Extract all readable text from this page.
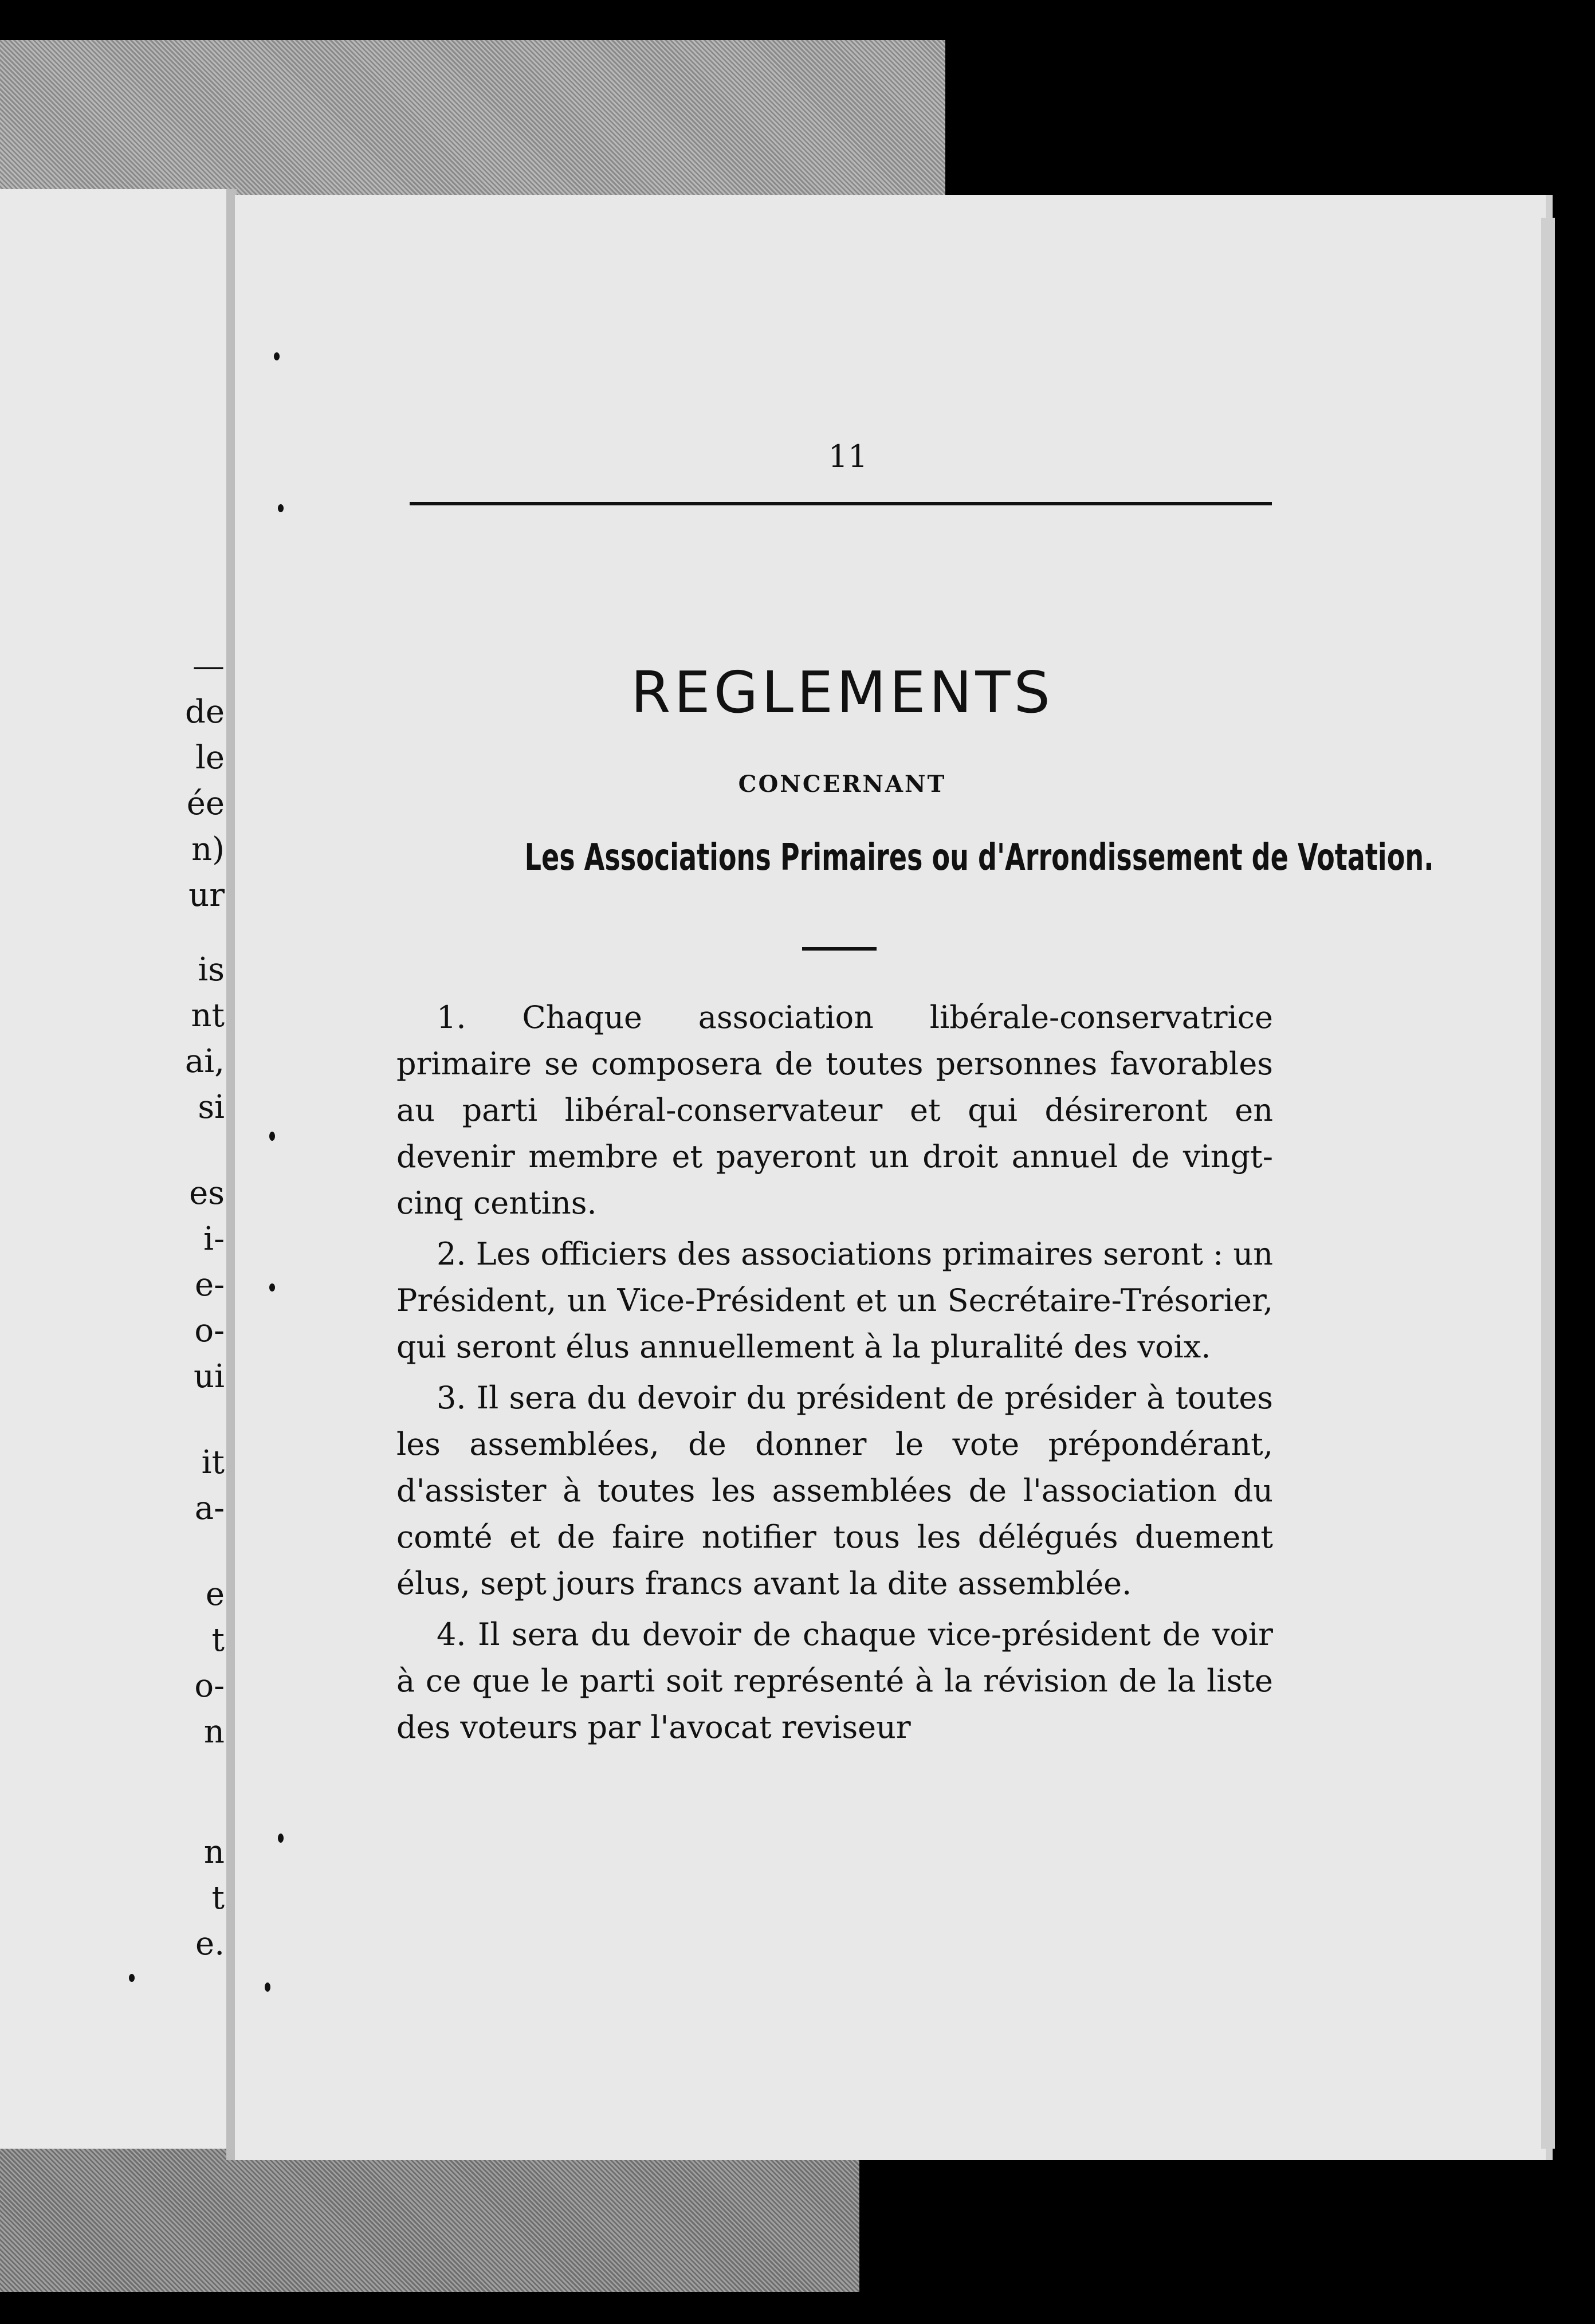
—
de
le
ée
n)
ur
is
nt
ai,
si
es
i-
e-
o-
ui
it
a-
e
t
o-
n
n
t
e.
11
REGLEMENTS
CONCERNANT
Les Associations Primaires ou d'Arrondissement de Votation.

1. Chaque association libérale-conservatrice primaire se composera de toutes personnes favorables au parti libéral-conservateur et qui désireront en devenir membre et payeront un droit annuel de vingt-cinq centins.

2. Les officiers des associations primaires seront : un Président, un Vice-Président et un Secrétaire-Trésorier, qui seront élus annuellement à la pluralité des voix.

3. Il sera du devoir du président de présider à toutes les assemblées, de donner le vote prépondérant, d'assister à toutes les assemblées de l'association du comté et de faire notifier tous les délégués duement élus, sept jours francs avant la dite assemblée.

4. Il sera du devoir de chaque vice-président de voir à ce que le parti soit représenté à la révision de la liste des voteurs par l'avocat reviseur
